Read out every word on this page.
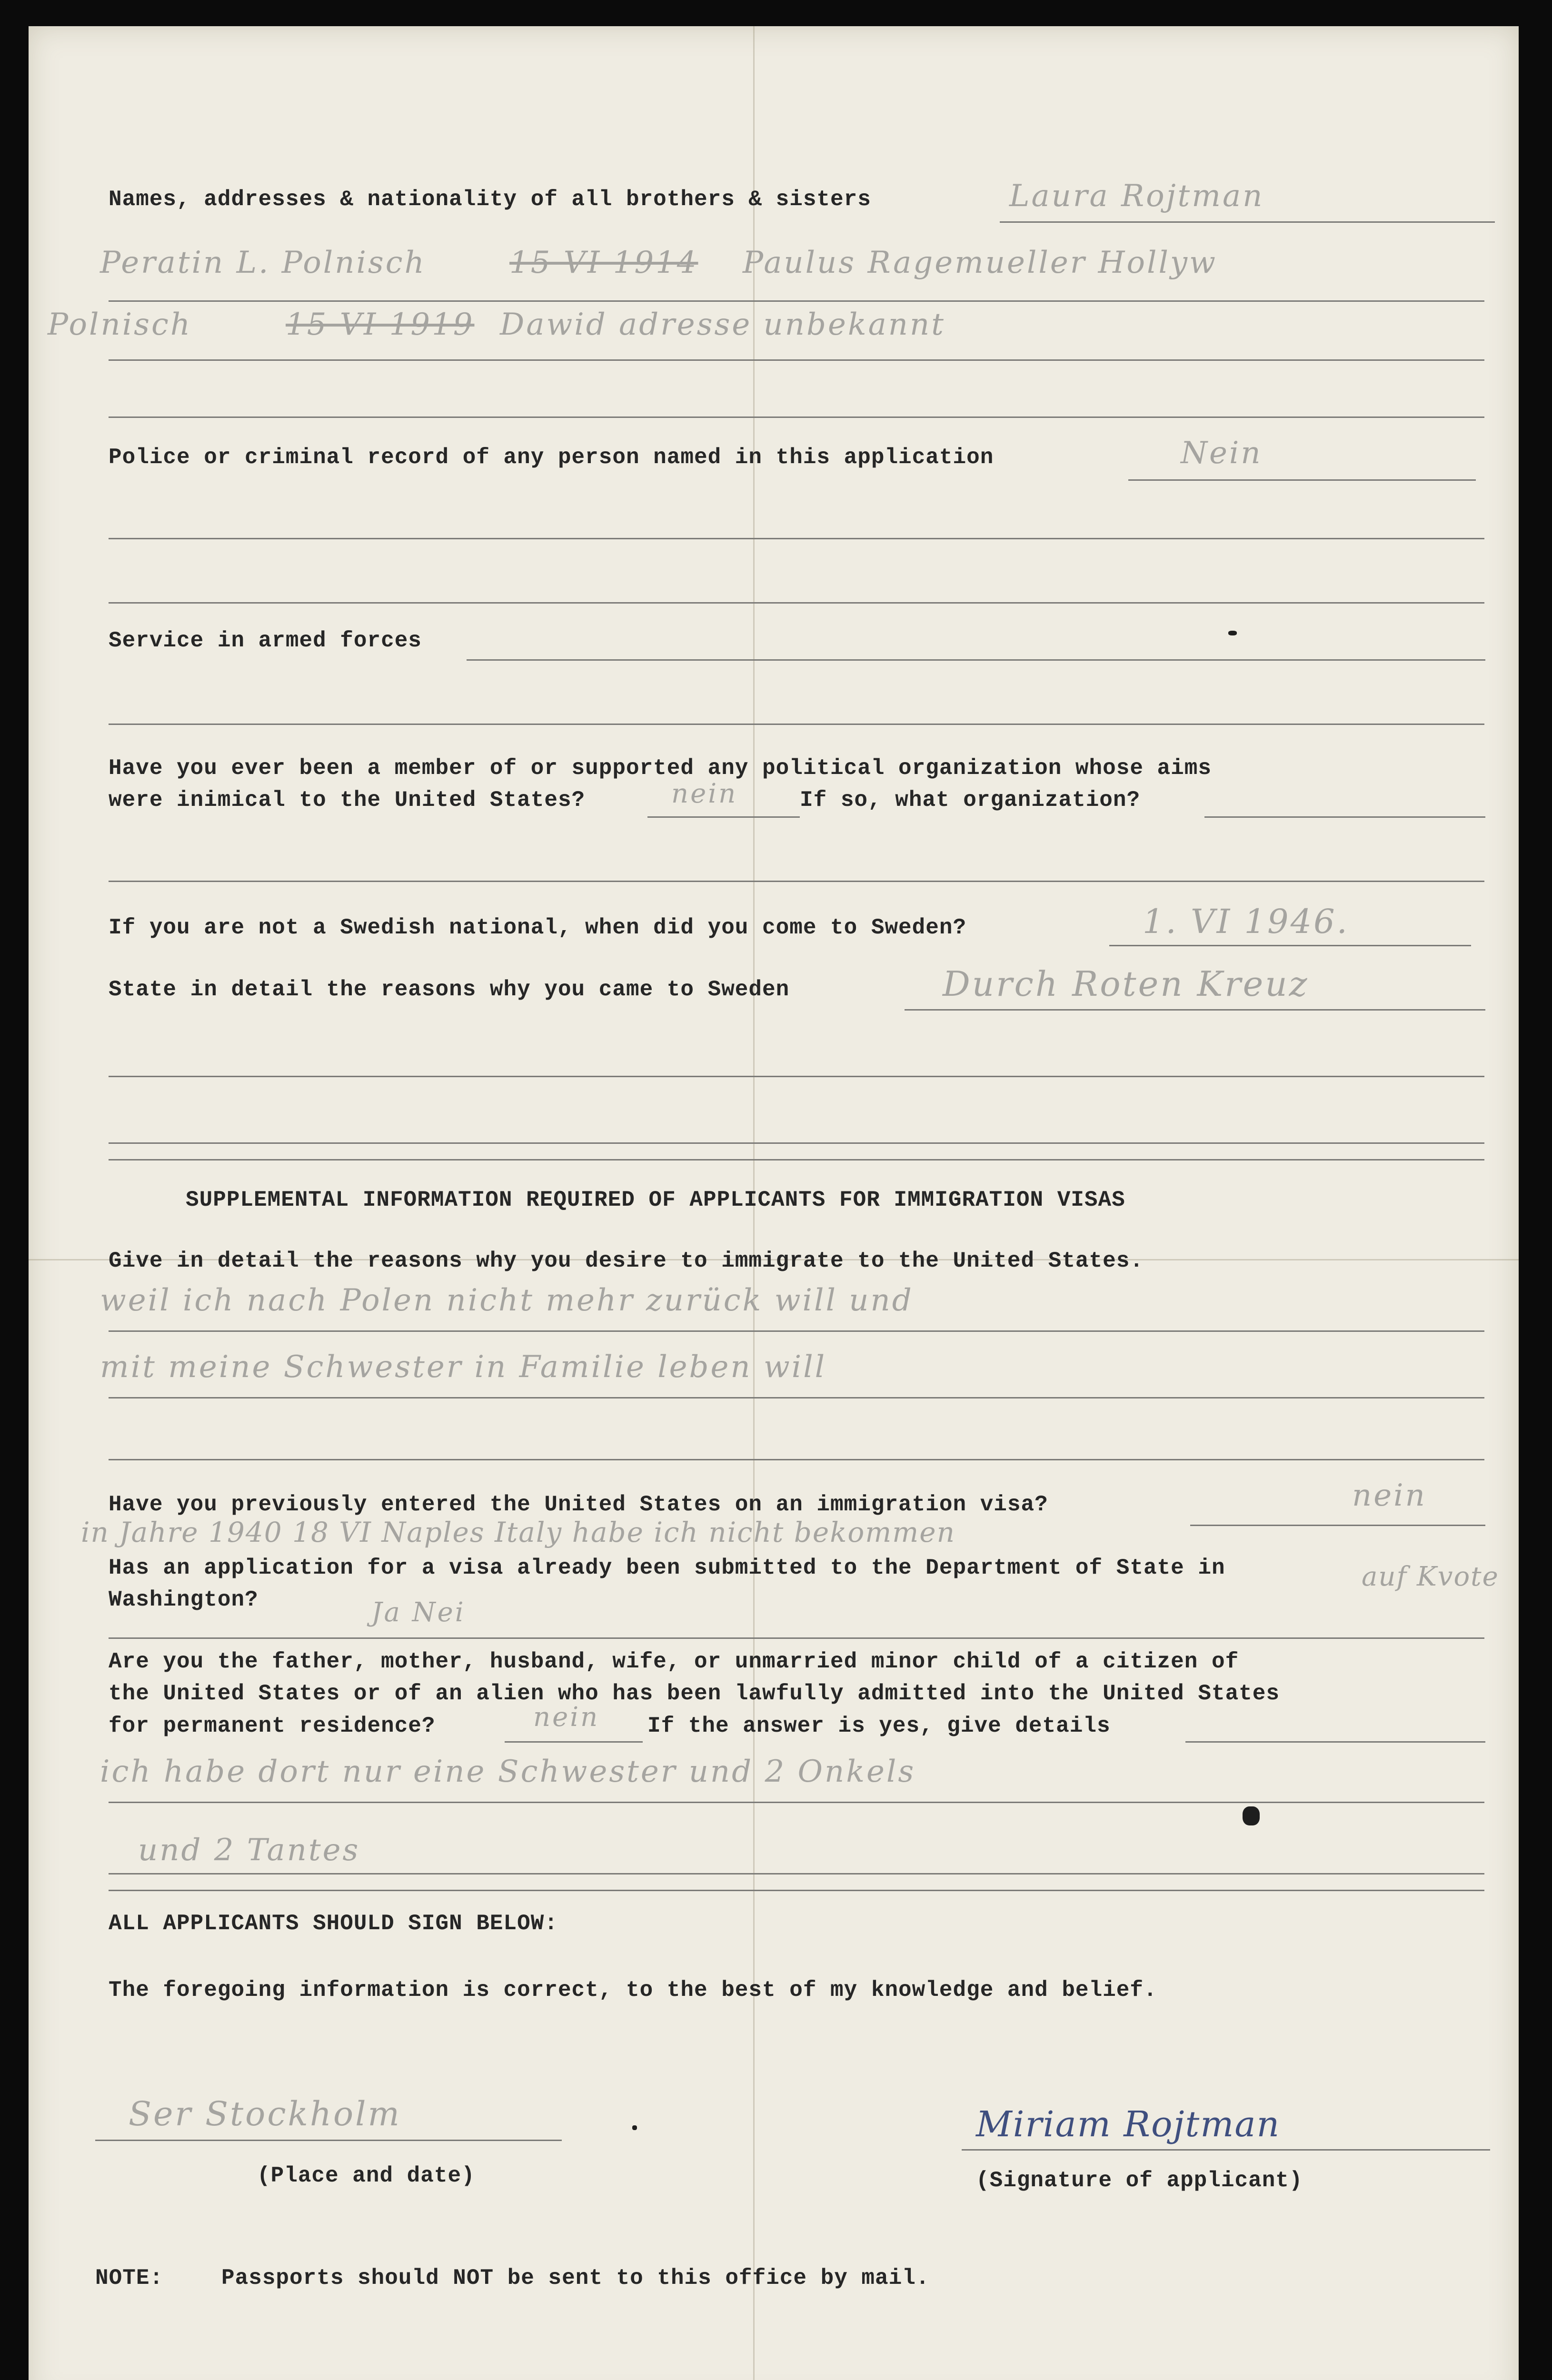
Names, addresses & nationality of all brothers & sisters	Laura Rojtman
Peratin L. Polnisch	15 VI 1914 Paulus Ragemueller Hollyw
Polnisch	15 VI 1919 Dawid adresse unbekannt
Police or criminal record of any person named in this application	Nein
Service in armed forces
Have you ever been a member of or supported any political organization whose aims
were inimical to the United States?	nein	If so, what organization?
If you are not a Swedish national, when did you come to Sweden?	1. VI 1946.
State in detail the reasons why you came to Sweden	Durch Roten Kreuz
SUPPLEMENTAL INFORMATION REQUIRED OF APPLICANTS FOR IMMIGRATION VISAS
Give in detail the reasons why you desire to immigrate to the United States.
weil ich nach Polen nicht mehr zurück will und
mit meine Schwester in Familie leben will
Have you previously entered the United States on an immigration visa?	nein
in Jahre 1940 18 VI Naples Italy habe ich nicht bekommen
auf Kvote
Has an application for a visa already been submitted to the Department of State in
Washington?	Ja Nei
Are you the father, mother, husband, wife, or unmarried minor child of a citizen of
the United States or of an alien who has been lawfully admitted into the United States
for permanent residence?	nein If the answer is yes, give details
ich habe dort nur eine Schwester und 2 Onkels
und 2 Tantes
ALL APPLICANTS SHOULD SIGN BELOW:
The foregoing information is correct, to the best of my knowledge and belief.
Ser Stockholm
(Place and date)
Miriam Rojtman
(Signature of applicant)
NOTE:	Passports should NOT be sent to this office by mail.
